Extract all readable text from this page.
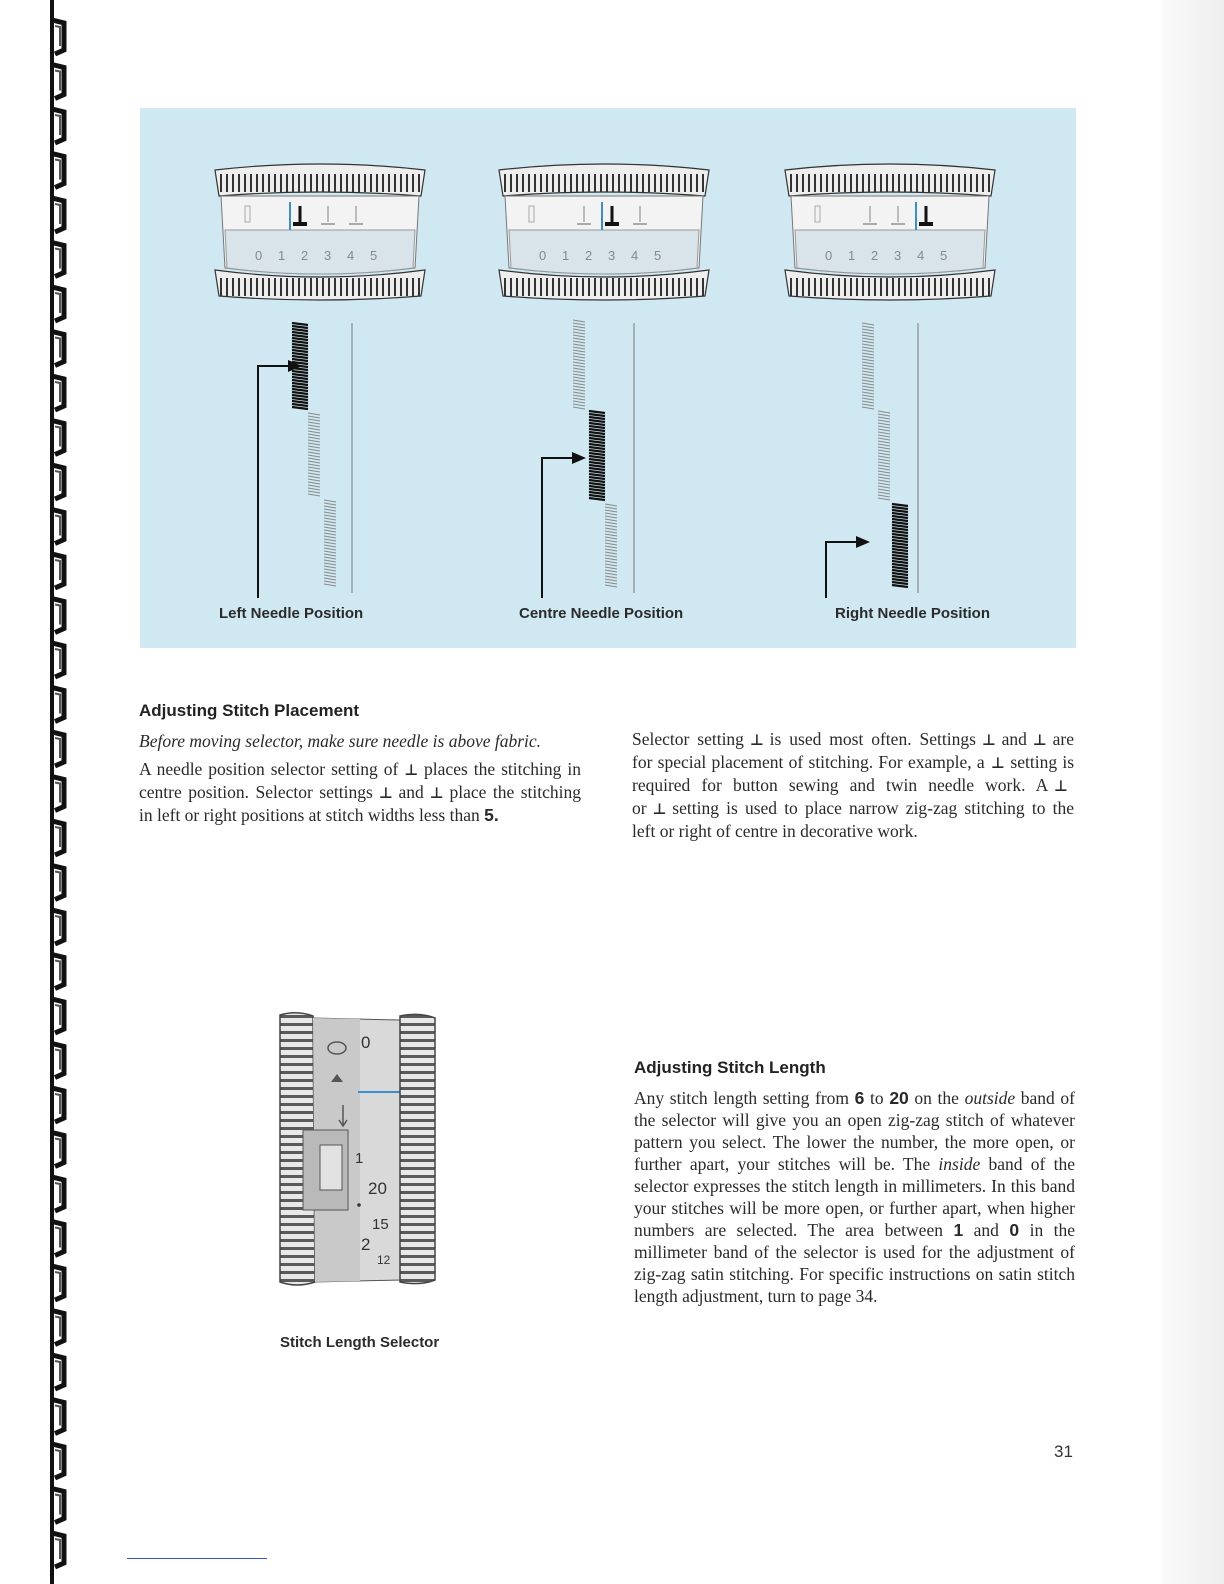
0 1 2 3 4 5	0 1 2 3 4 5	0 1 2 3 4 5
Left Needle Position	Centre Needle Position	Right Needle Position
Adjusting Stitch Placement

Before moving selector, make sure needle is above fabric.

A needle position selector setting of ⊥ places the stitching in centre position. Selector settings ⊥ and ⊥ place the stitching in left or right positions at stitch widths less than 5.

Selector setting ⊥ is used most often. Settings ⊥ and ⊥ are for special placement of stitching. For example, a ⊥ setting is required for button sewing and twin needle work. A ⊥or ⊥ setting is used to place narrow zig-zag stitching to the left or right of centre in decorative work.

0
1
20
15
2
12
Stitch Length Selector
Adjusting Stitch Length

Any stitch length setting from 6 to 20 on the outside band of the selector will give you an open zig-zag stitch of whatever pattern you select. The lower the number, the more open, or further apart, your stitches will be. The inside band of the selector expresses the stitch length in millimeters. In this band your stitches will be more open, or further apart, when higher numbers are selected. The area between 1 and 0 in the millimeter band of the selector is used for the adjustment of zig-zag satin stitching. For specific instructions on satin stitch length adjustment, turn to page 34.

31
